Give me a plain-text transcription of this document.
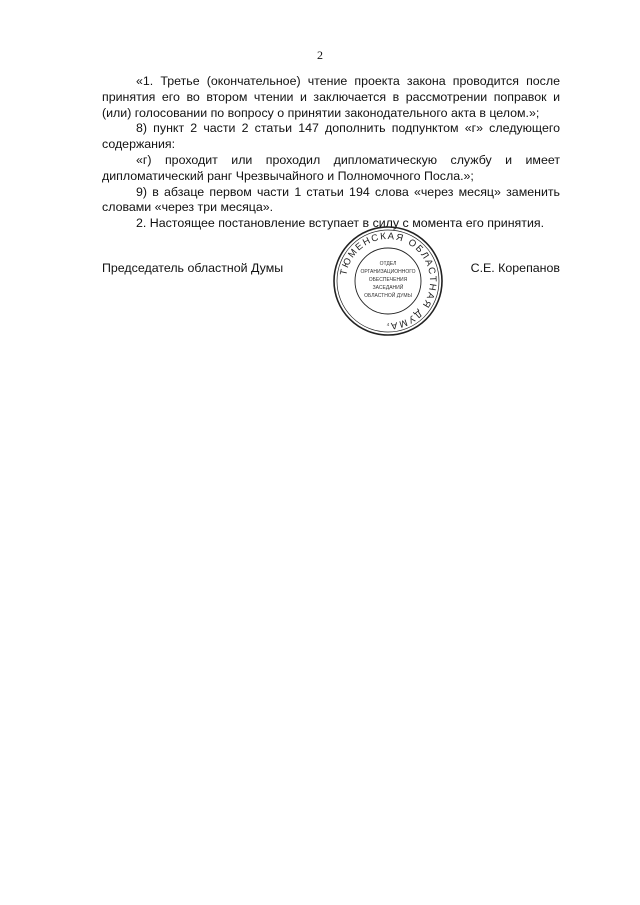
2

«1. Третье (окончательное) чтение проекта закона проводится после принятия его во втором чтении и заключается в рассмотрении поправок и (или) голосовании по вопросу о принятии законодательного акта в целом.»;

8) пункт 2 части 2 статьи 147 дополнить подпунктом «г» следующего содержания:

«г) проходит или проходил дипломатическую службу и имеет дипломатический ранг Чрезвычайного и Полномочного Посла.»;

9) в абзаце первом части 1 статьи 194 слова «через месяц» заменить словами «через три месяца».

2. Настоящее постановление вступает в силу с момента его принятия.

Председатель областной Думы	С.Е. Корепанов
ТЮМЕНСКАЯ ОБЛАСТНАЯ ДУМА
ОТДЕЛ
ОРГАНИЗАЦИОННОГО
ОБЕСПЕЧЕНИЯ
ЗАСЕДАНИЙ
ОБЛАСТНОЙ ДУМЫ
4
